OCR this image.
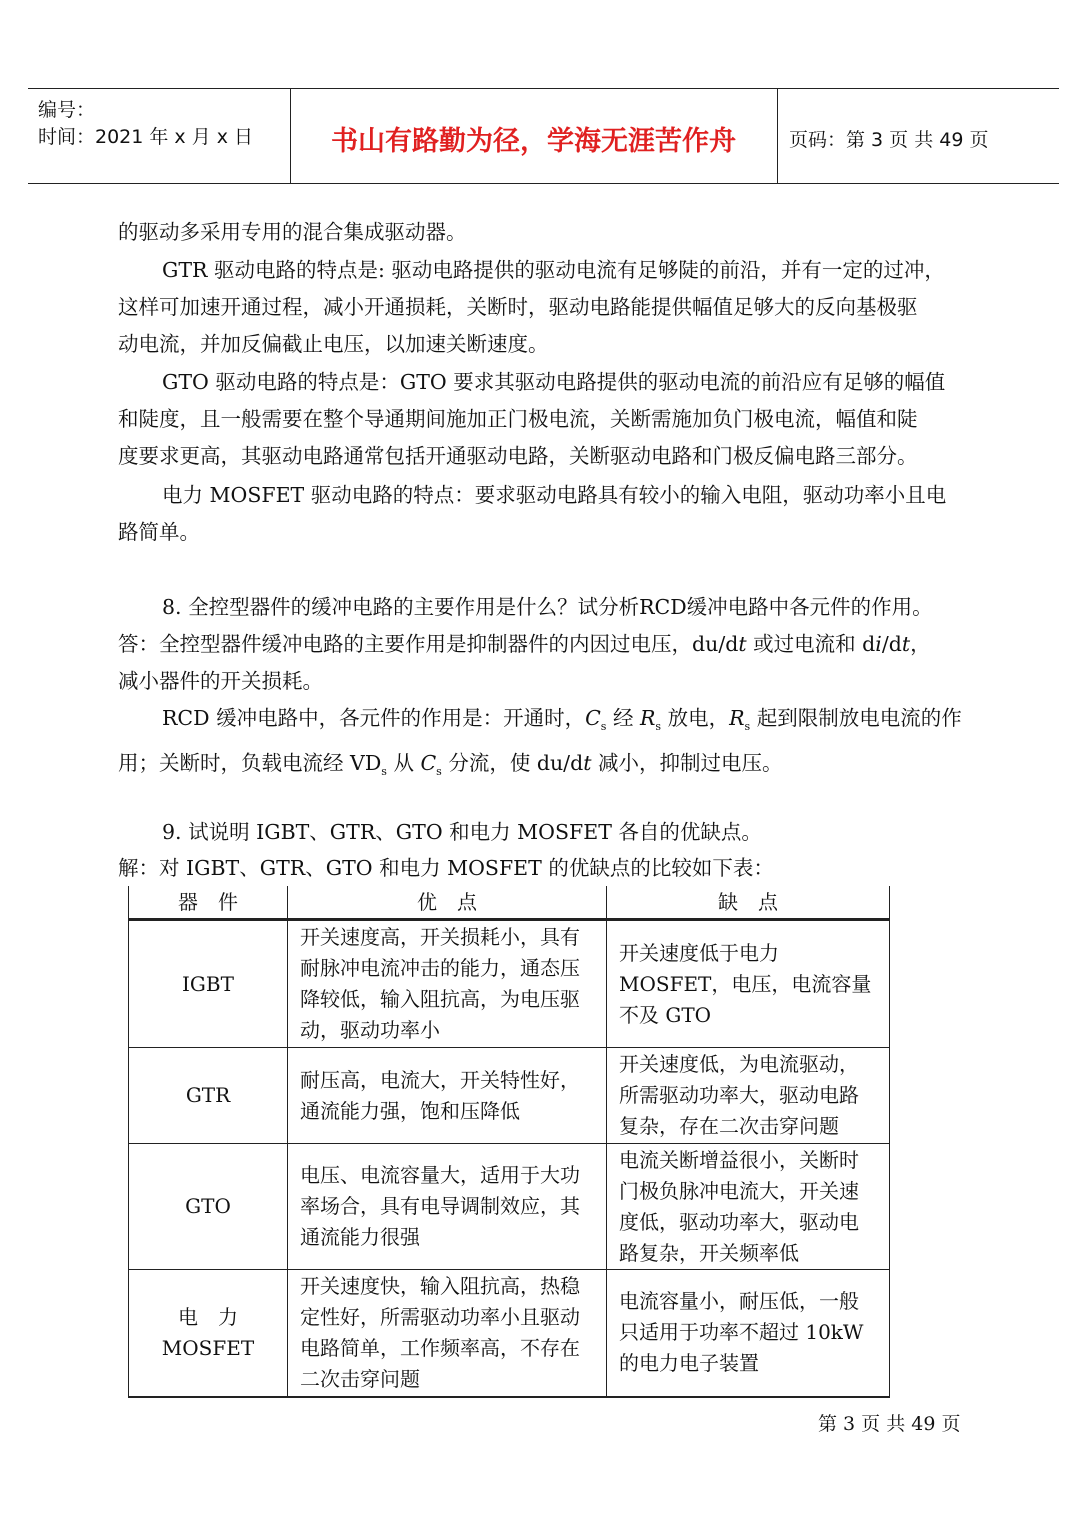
编号：
时间：2021 年 x 月 x 日	书山有路勤为径，学海无涯苦作舟	页码：第 3 页 共 49 页
的驱动多采用专用的混合集成驱动器。
GTR 驱动电路的特点是: 驱动电路提供的驱动电流有足够陡的前沿，并有一定的过冲，
这样可加速开通过程，减小开通损耗，关断时，驱动电路能提供幅值足够大的反向基极驱
动电流，并加反偏截止电压，以加速关断速度。
GTO 驱动电路的特点是：GTO 要求其驱动电路提供的驱动电流的前沿应有足够的幅值
和陡度，且一般需要在整个导通期间施加正门极电流，关断需施加负门极电流，幅值和陡
度要求更高，其驱动电路通常包括开通驱动电路，关断驱动电路和门极反偏电路三部分。
电力 MOSFET 驱动电路的特点：要求驱动电路具有较小的输入电阻，驱动功率小且电
路简单。
8. 全控型器件的缓冲电路的主要作用是什么？试分析RCD缓冲电路中各元件的作用。
答：全控型器件缓冲电路的主要作用是抑制器件的内因过电压，du/dt 或过电流和 di/dt，
减小器件的开关损耗。
RCD 缓冲电路中，各元件的作用是：开通时，$C_s$ 经 $R_s$ 放电，$R_s$ 起到限制放电电流的作
用；关断时，负载电流经 $VD_s$ 从 $C_s$ 分流，使 du/dt 减小，抑制过电压。
9. 试说明 IGBT、GTR、GTO 和电力 MOSFET 各自的优缺点。
解：对 IGBT、GTR、GTO 和电力 MOSFET 的优缺点的比较如下表：
器　件	优　点	缺　点
IGBT	开关速度高，开关损耗小，具有耐脉冲电流冲击的能力，通态压降较低，输入阻抗高，为电压驱动，驱动功率小	开关速度低于电力 MOSFET，电压，电流容量不及 GTO
GTR	耐压高，电流大，开关特性好，通流能力强，饱和压降低	开关速度低，为电流驱动，所需驱动功率大，驱动电路复杂，存在二次击穿问题
GTO	电压、电流容量大，适用于大功率场合，具有电导调制效应，其通流能力很强	电流关断增益很小，关断时门极负脉冲电流大，开关速度低，驱动功率大，驱动电路复杂，开关频率低
电　力 MOSFET	开关速度快，输入阻抗高，热稳定性好，所需驱动功率小且驱动电路简单，工作频率高，不存在二次击穿问题	电流容量小，耐压低，一般只适用于功率不超过 10kW 的电力电子装置
第 3 页 共 49 页
